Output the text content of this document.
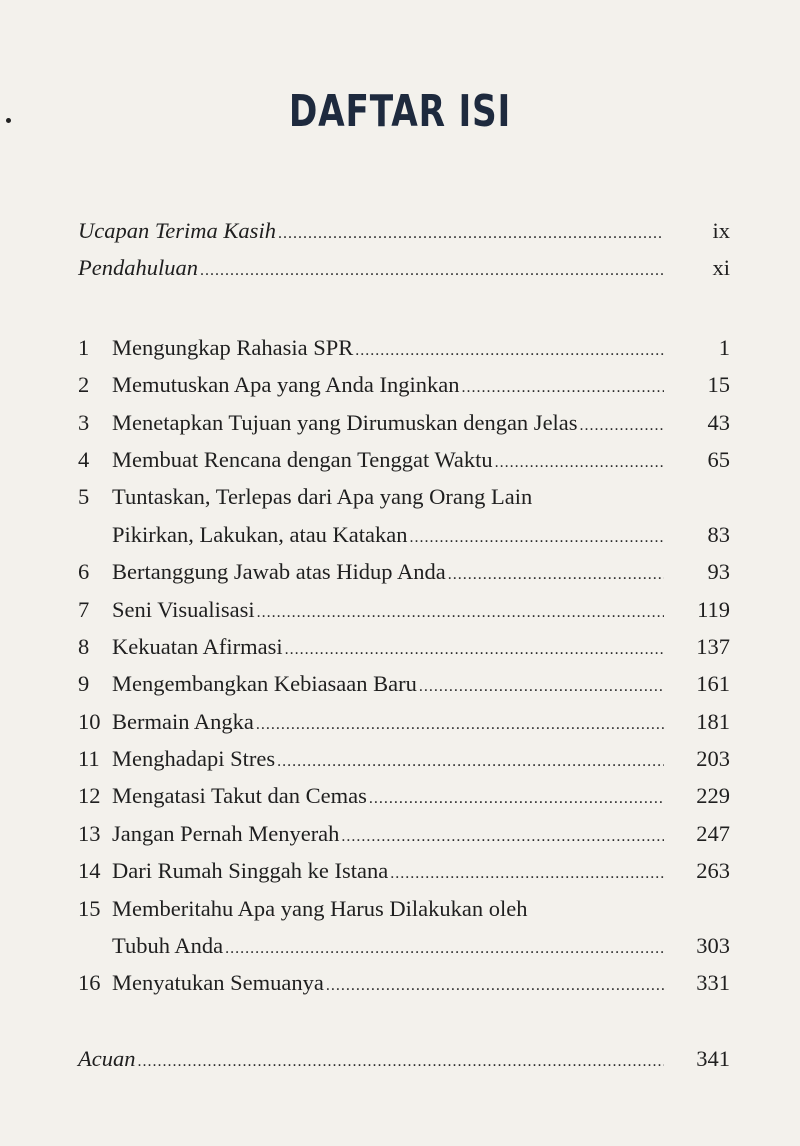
DAFTAR ISI
Ucapan Terima Kasih .....	ix
Pendahuluan .....	xi
1	Mengungkap Rahasia SPR .....	1
2	Memutuskan Apa yang Anda Inginkan .....	15
3	Menetapkan Tujuan yang Dirumuskan dengan Jelas .....	43
4	Membuat Rencana dengan Tenggat Waktu .....	65
5	Tuntaskan, Terlepas dari Apa yang Orang Lain
Pikirkan, Lakukan, atau Katakan .....	83
6	Bertanggung Jawab atas Hidup Anda .....	93
7	Seni Visualisasi .....	119
8	Kekuatan Afirmasi .....	137
9	Mengembangkan Kebiasaan Baru .....	161
10 Bermain Angka .....	181
11 Menghadapi Stres .....	203
12 Mengatasi Takut dan Cemas .....	229
13 Jangan Pernah Menyerah .....	247
14 Dari Rumah Singgah ke Istana .....	263
15 Memberitahu Apa yang Harus Dilakukan oleh
Tubuh Anda .....	303
16 Menyatukan Semuanya .....	331
Acuan .....	341
